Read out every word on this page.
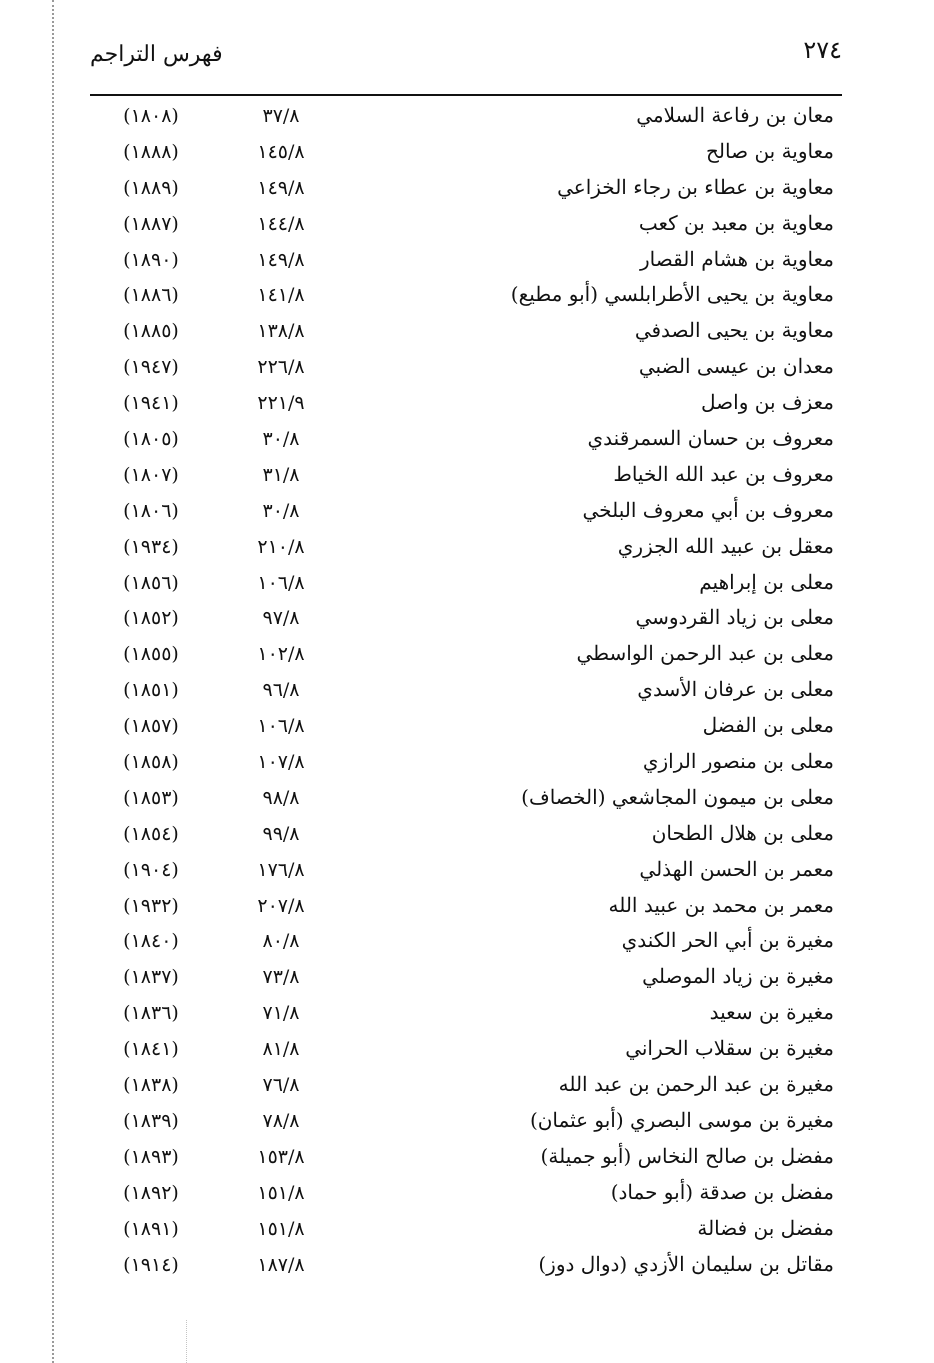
فهرس التراجم	٢٧٤
معان بن رفاعة السلامي
٣٧/٨
(١٨٠٨)
معاوية بن صالح
١٤٥/٨
(١٨٨٨)
معاوية بن عطاء بن رجاء الخزاعي
١٤٩/٨
(١٨٨٩)
معاوية بن معبد بن كعب
١٤٤/٨
(١٨٨٧)
معاوية بن هشام القصار
١٤٩/٨
(١٨٩٠)
معاوية بن يحيى الأطرابلسي (أبو مطيع)
١٤١/٨
(١٨٨٦)
معاوية بن يحيى الصدفي
١٣٨/٨
(١٨٨٥)
معدان بن عيسى الضبي
٢٢٦/٨
(١٩٤٧)
معزف بن واصل
٢٢١/٩
(١٩٤١)
معروف بن حسان السمرقندي
٣٠/٨
(١٨٠٥)
معروف بن عبد الله الخياط
٣١/٨
(١٨٠٧)
معروف بن أبي معروف البلخي
٣٠/٨
(١٨٠٦)
معقل بن عبيد الله الجزري
٢١٠/٨
(١٩٣٤)
معلى بن إبراهيم
١٠٦/٨
(١٨٥٦)
معلى بن زياد القردوسي
٩٧/٨
(١٨٥٢)
معلى بن عبد الرحمن الواسطي
١٠٢/٨
(١٨٥٥)
معلى بن عرفان الأسدي
٩٦/٨
(١٨٥١)
معلى بن الفضل
١٠٦/٨
(١٨٥٧)
معلى بن منصور الرازي
١٠٧/٨
(١٨٥٨)
معلى بن ميمون المجاشعي (الخصاف)
٩٨/٨
(١٨٥٣)
معلى بن هلال الطحان
٩٩/٨
(١٨٥٤)
معمر بن الحسن الهذلي
١٧٦/٨
(١٩٠٤)
معمر بن محمد بن عبيد الله
٢٠٧/٨
(١٩٣٢)
مغيرة بن أبي الحر الكندي
٨٠/٨
(١٨٤٠)
مغيرة بن زياد الموصلي
٧٣/٨
(١٨٣٧)
مغيرة بن سعيد
٧١/٨
(١٨٣٦)
مغيرة بن سقلاب الحراني
٨١/٨
(١٨٤١)
مغيرة بن عبد الرحمن بن عبد الله
٧٦/٨
(١٨٣٨)
مغيرة بن موسى البصري (أبو عثمان)
٧٨/٨
(١٨٣٩)
مفضل بن صالح النخاس (أبو جميلة)
١٥٣/٨
(١٨٩٣)
مفضل بن صدقة (أبو حماد)
١٥١/٨
(١٨٩٢)
مفضل بن فضالة
١٥١/٨
(١٨٩١)
مقاتل بن سليمان الأزدي (دوال دوز)
١٨٧/٨
(١٩١٤)
